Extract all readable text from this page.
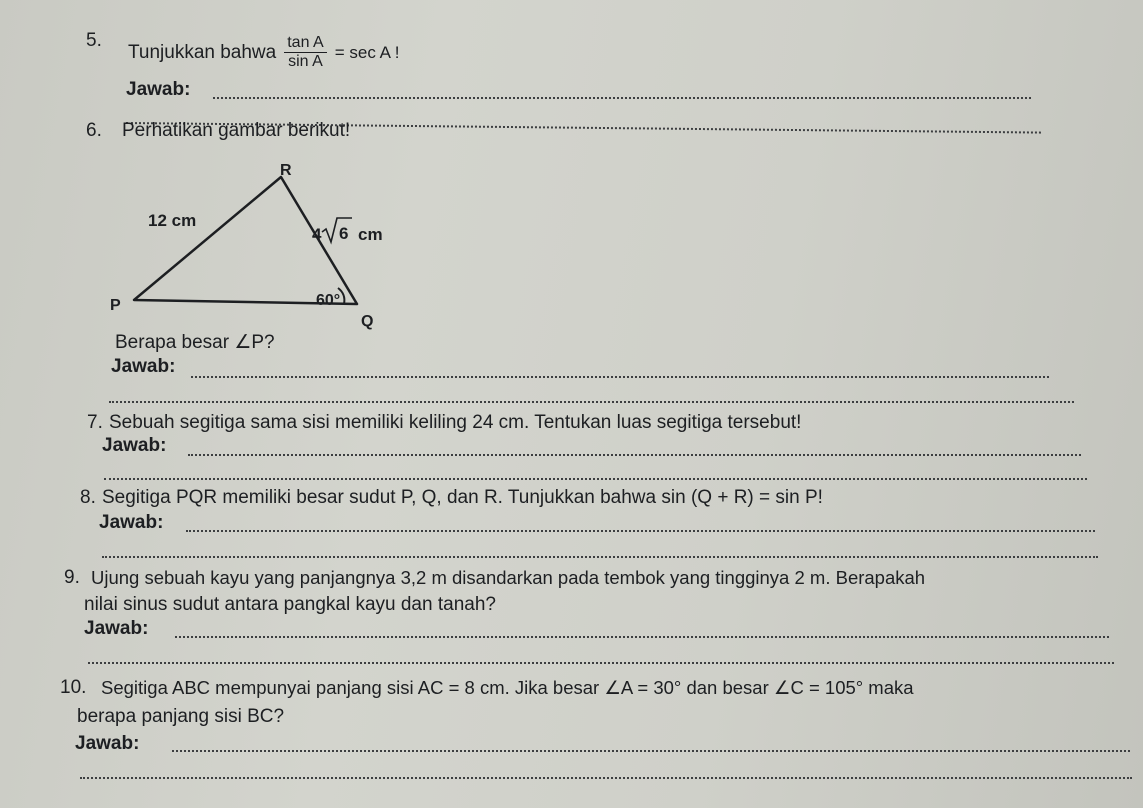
5.
Tunjukkan bahwa $\frac{\text{tan A}}{\text{sin A}} = \sec A$ !
Jawab:
6. Perhatikan gambar berikut!
R
P
Q
12 cm
4 6 cm
60°
Berapa besar ∠P?
Jawab:
7. Sebuah segitiga sama sisi memiliki keliling 24 cm. Tentukan luas segitiga tersebut!
Jawab:
8. Segitiga PQR memiliki besar sudut P, Q, dan R. Tunjukkan bahwa sin (Q + R) = sin P!
Jawab:
9. Ujung sebuah kayu yang panjangnya 3,2 m disandarkan pada tembok yang tingginya 2 m. Berapakah
nilai sinus sudut antara pangkal kayu dan tanah?
Jawab:
10. Segitiga ABC mempunyai panjang sisi AC = 8 cm. Jika besar ∠A = 30° dan besar ∠C = 105° maka
berapa panjang sisi BC?
Jawab:
